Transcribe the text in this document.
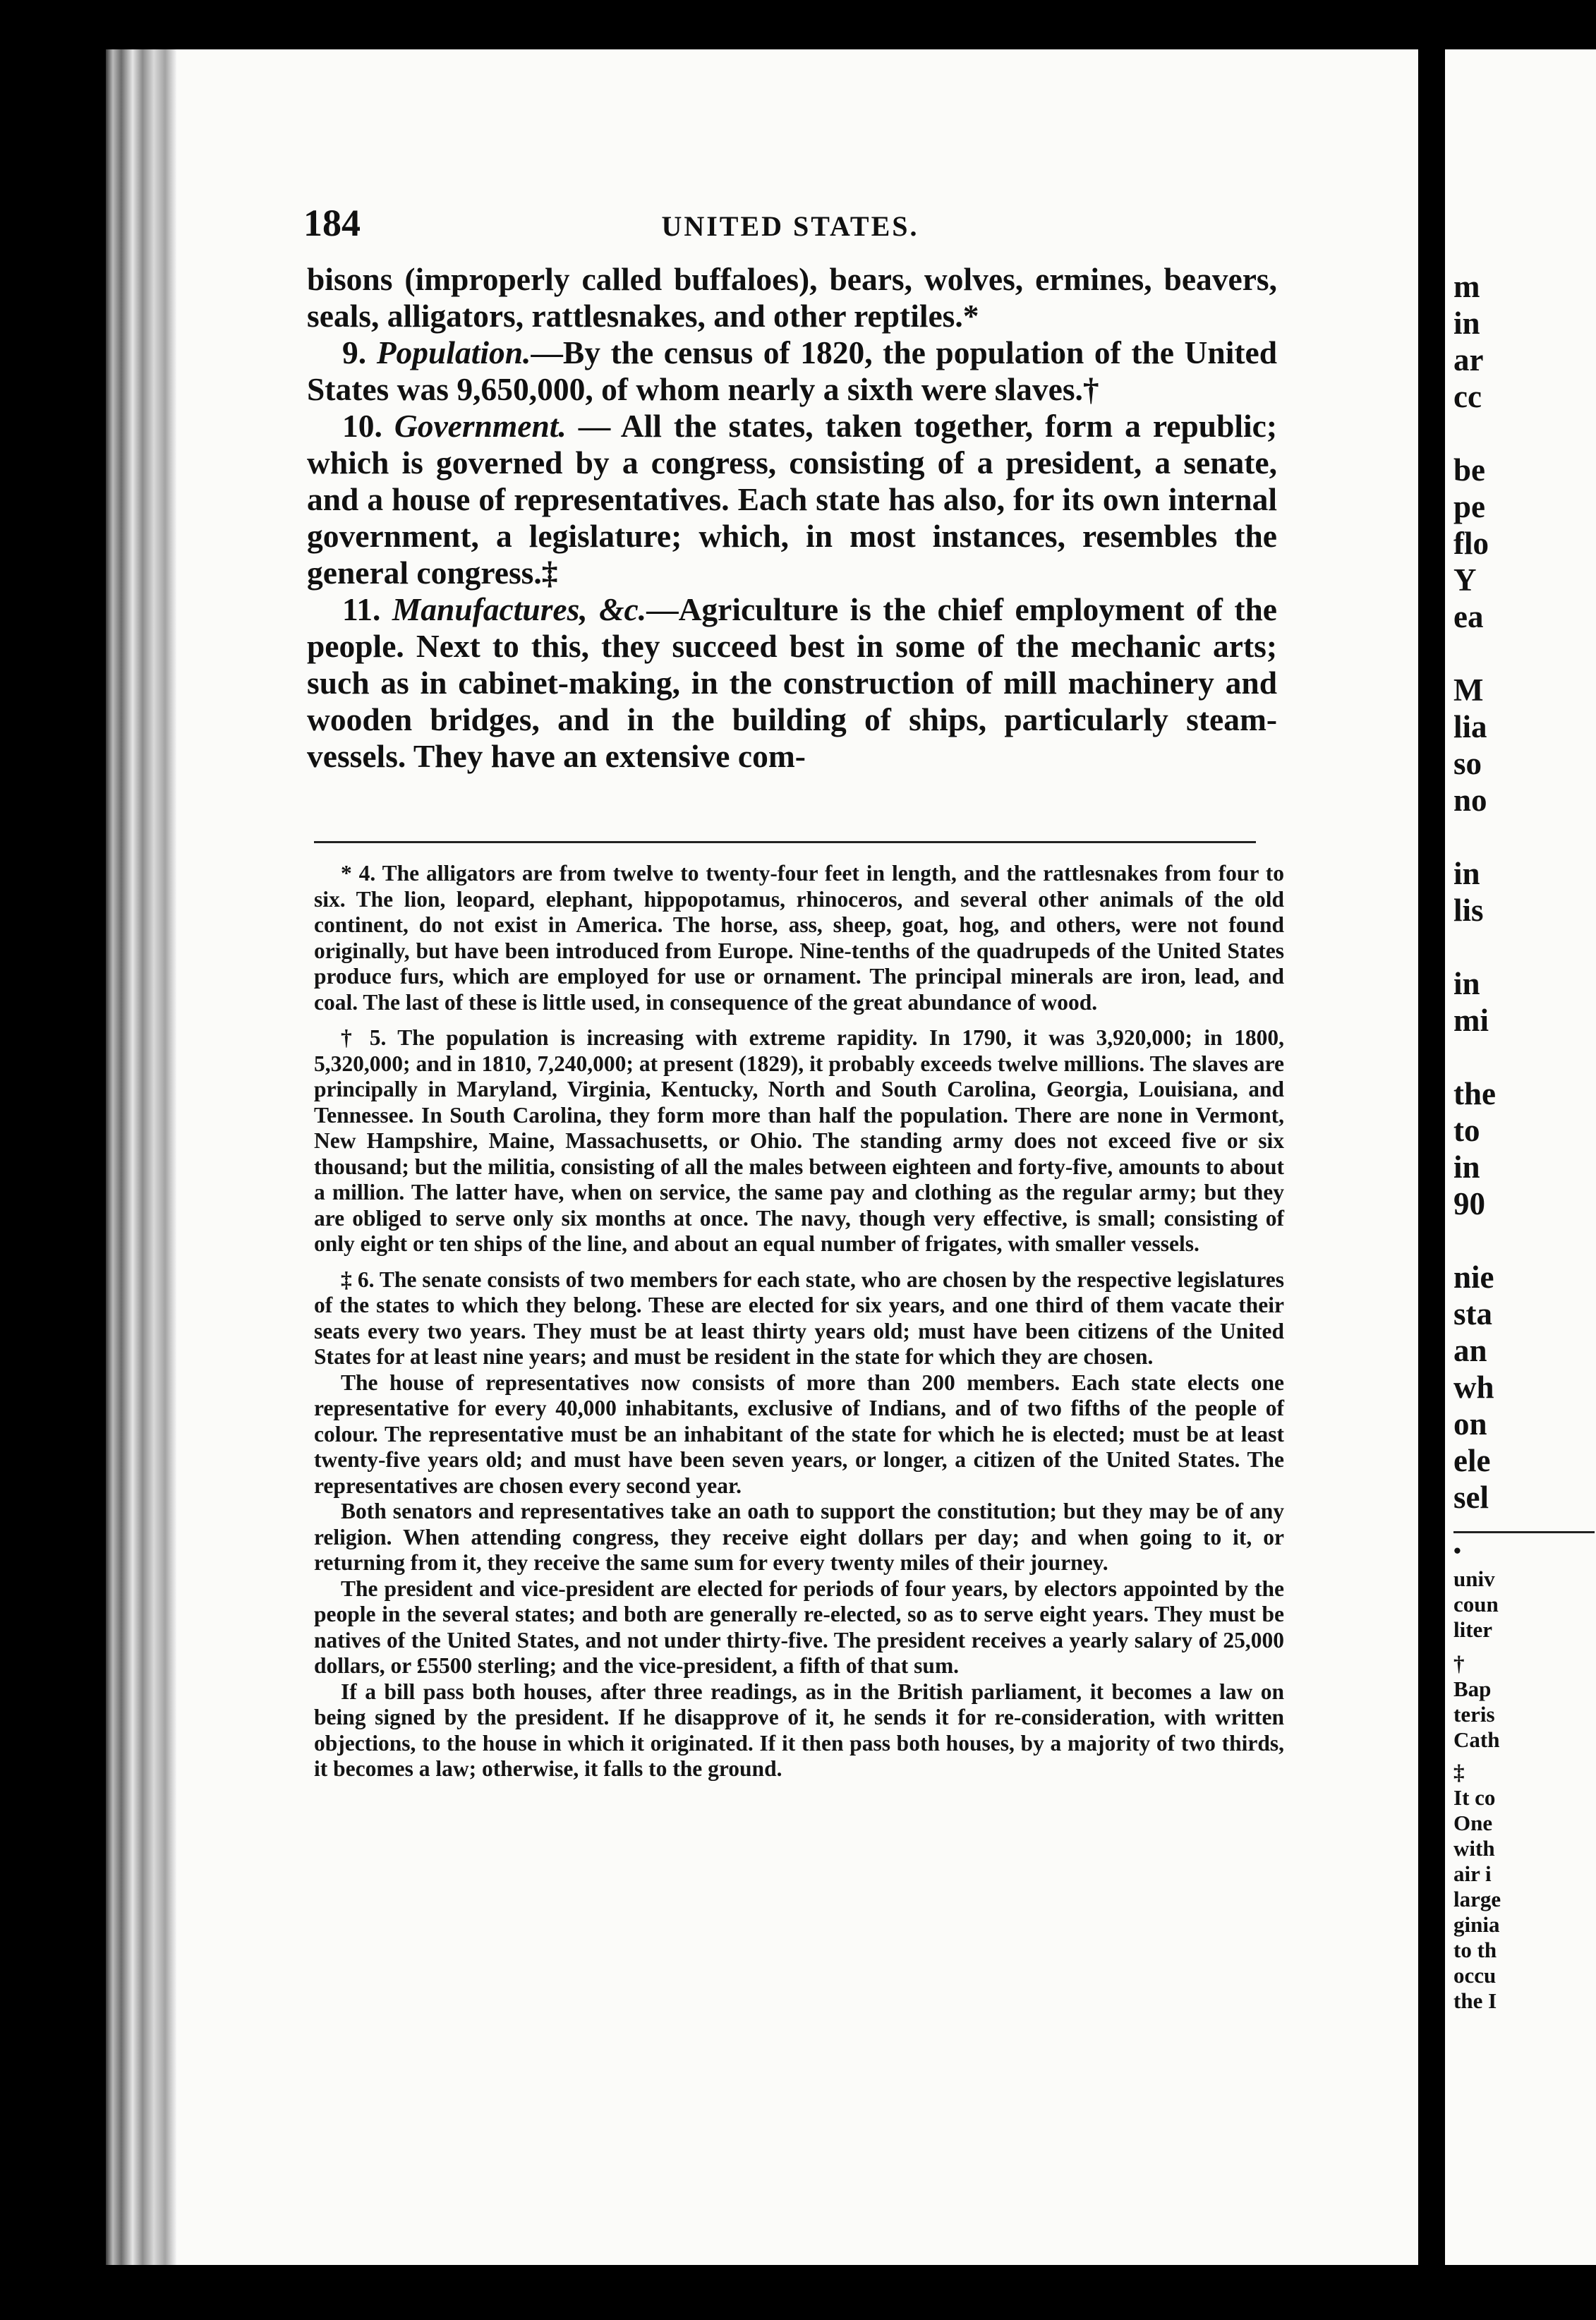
184	UNITED STATES.

bisons (improperly called buffaloes), bears, wolves, ermines, beavers, seals, alligators, rattlesnakes, and other reptiles.*

9. Population.—By the census of 1820, the population of the United States was 9,650,000, of whom nearly a sixth were slaves.†

10. Government. — All the states, taken together, form a republic; which is governed by a congress, consisting of a president, a senate, and a house of representatives. Each state has also, for its own internal government, a legislature; which, in most instances, resembles the general congress.‡

11. Manufactures, &c.—Agriculture is the chief employment of the people. Next to this, they succeed best in some of the mechanic arts; such as in cabinet-making, in the construction of mill machinery and wooden bridges, and in the building of ships, particularly steam-vessels. They have an extensive com-

* 4. The alligators are from twelve to twenty-four feet in length, and the rattlesnakes from four to six. The lion, leopard, elephant, hippopotamus, rhinoceros, and several other animals of the old continent, do not exist in America. The horse, ass, sheep, goat, hog, and others, were not found originally, but have been introduced from Europe. Nine-tenths of the quadrupeds of the United States produce furs, which are employed for use or ornament. The principal minerals are iron, lead, and coal. The last of these is little used, in consequence of the great abundance of wood.

† 5. The population is increasing with extreme rapidity. In 1790, it was 3,920,000; in 1800, 5,320,000; and in 1810, 7,240,000; at present (1829), it probably exceeds twelve millions. The slaves are principally in Maryland, Virginia, Kentucky, North and South Carolina, Georgia, Louisiana, and Tennessee. In South Carolina, they form more than half the population. There are none in Vermont, New Hampshire, Maine, Massachusetts, or Ohio. The standing army does not exceed five or six thousand; but the militia, consisting of all the males between eighteen and forty-five, amounts to about a million. The latter have, when on service, the same pay and clothing as the regular army; but they are obliged to serve only six months at once. The navy, though very effective, is small; consisting of only eight or ten ships of the line, and about an equal number of frigates, with smaller vessels.

‡ 6. The senate consists of two members for each state, who are chosen by the respective legislatures of the states to which they belong. These are elected for six years, and one third of them vacate their seats every two years. They must be at least thirty years old; must have been citizens of the United States for at least nine years; and must be resident in the state for which they are chosen.

The house of representatives now consists of more than 200 members. Each state elects one representative for every 40,000 inhabitants, exclusive of Indians, and of two fifths of the people of colour. The representative must be an inhabitant of the state for which he is elected; must be at least twenty-five years old; and must have been seven years, or longer, a citizen of the United States. The representatives are chosen every second year.

Both senators and representatives take an oath to support the constitution; but they may be of any religion. When attending congress, they receive eight dollars per day; and when going to it, or returning from it, they receive the same sum for every twenty miles of their journey.

The president and vice-president are elected for periods of four years, by electors appointed by the people in the several states; and both are generally re-elected, so as to serve eight years. They must be natives of the United States, and not under thirty-five. The president receives a yearly salary of 25,000 dollars, or £5500 sterling; and the vice-president, a fifth of that sum.

If a bill pass both houses, after three readings, as in the British parliament, it becomes a law on being signed by the president. If he disapprove of it, he sends it for re-consideration, with written objections, to the house in which it originated. If it then pass both houses, by a majority of two thirds, it becomes a law; otherwise, it falls to the ground.

m
in
ar
cc
be
pe
flo
Y
ea
M
lia
so
no
in
lis
in
mi
the
to
in
90
nie
sta
an
wh
on
ele
sel
•
univ
coun
liter
†
Bap
teris
Cath
‡
It co
One
with
air i
large
ginia
to th
occu
the I
